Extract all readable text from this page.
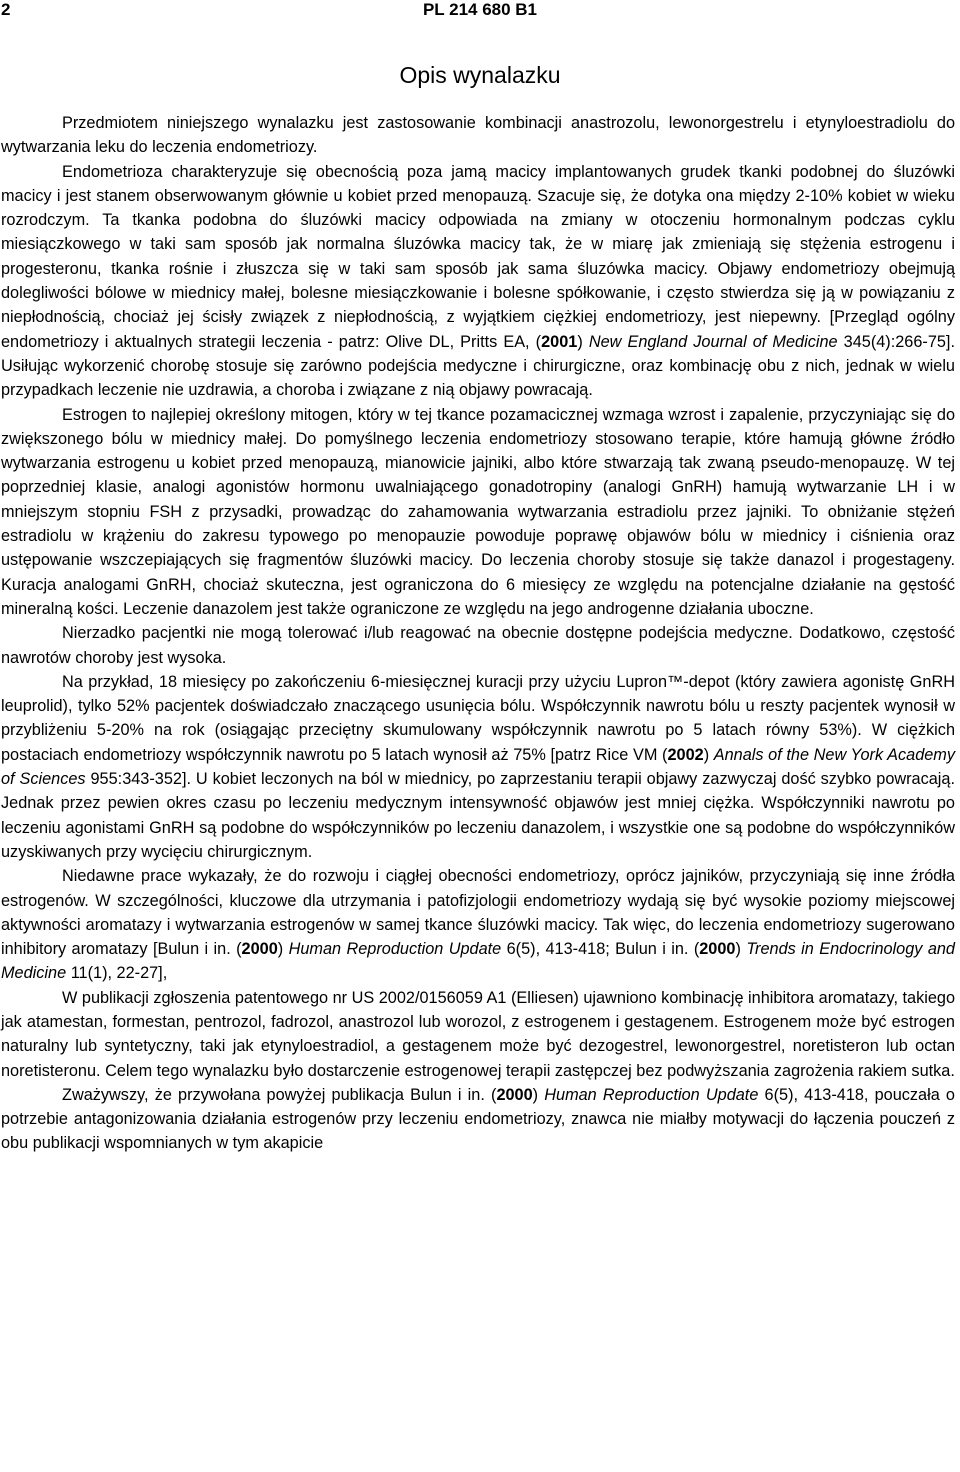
2	PL 214 680 B1
Opis wynalazku

Przedmiotem niniejszego wynalazku jest zastosowanie kombinacji anastrozolu, lewonorgestrelu i etynyloestradiolu do wytwarzania leku do leczenia endometriozy.

Endometrioza charakteryzuje się obecnością poza jamą macicy implantowanych grudek tkanki podobnej do śluzówki macicy i jest stanem obserwowanym głównie u kobiet przed menopauzą. Szacuje się, że dotyka ona między 2-10% kobiet w wieku rozrodczym. Ta tkanka podobna do śluzówki macicy odpowiada na zmiany w otoczeniu hormonalnym podczas cyklu miesiączkowego w taki sam sposób jak normalna śluzówka macicy tak, że w miarę jak zmieniają się stężenia estrogenu i progesteronu, tkanka rośnie i złuszcza się w taki sam sposób jak sama śluzówka macicy. Objawy endometriozy obejmują dolegliwości bólowe w miednicy małej, bolesne miesiączkowanie i bolesne spółkowanie, i często stwierdza się ją w powiązaniu z niepłodnością, chociaż jej ścisły związek z niepłodnością, z wyjątkiem ciężkiej endometriozy, jest niepewny. [Przegląd ogólny endometriozy i aktualnych strategii leczenia - patrz: Olive DL, Pritts EA, (2001) New England Journal of Medicine 345(4):266-75]. Usiłując wykorzenić chorobę stosuje się zarówno podejścia medyczne i chirurgiczne, oraz kombinację obu z nich, jednak w wielu przypadkach leczenie nie uzdrawia, a choroba i związane z nią objawy powracają.

Estrogen to najlepiej określony mitogen, który w tej tkance pozamacicznej wzmaga wzrost i zapalenie, przyczyniając się do zwiększonego bólu w miednicy małej. Do pomyślnego leczenia endometriozy stosowano terapie, które hamują główne źródło wytwarzania estrogenu u kobiet przed menopauzą, mianowicie jajniki, albo które stwarzają tak zwaną pseudo-menopauzę. W tej poprzedniej klasie, analogi agonistów hormonu uwalniającego gonadotropiny (analogi GnRH) hamują wytwarzanie LH i w mniejszym stopniu FSH z przysadki, prowadząc do zahamowania wytwarzania estradiolu przez jajniki. To obniżanie stężeń estradiolu w krążeniu do zakresu typowego po menopauzie powoduje poprawę objawów bólu w miednicy i ciśnienia oraz ustępowanie wszczepiających się fragmentów śluzówki macicy. Do leczenia choroby stosuje się także danazol i progestageny. Kuracja analogami GnRH, chociaż skuteczna, jest ograniczona do 6 miesięcy ze względu na potencjalne działanie na gęstość mineralną kości. Leczenie danazolem jest także ograniczone ze względu na jego androgenne działania uboczne.

Nierzadko pacjentki nie mogą tolerować i/lub reagować na obecnie dostępne podejścia medyczne. Dodatkowo, częstość nawrotów choroby jest wysoka.

Na przykład, 18 miesięcy po zakończeniu 6-miesięcznej kuracji przy użyciu Lupron™-depot (który zawiera agonistę GnRH leuprolid), tylko 52% pacjentek doświadczało znaczącego usunięcia bólu. Współczynnik nawrotu bólu u reszty pacjentek wynosił w przybliżeniu 5-20% na rok (osiągając przeciętny skumulowany współczynnik nawrotu po 5 latach równy 53%). W ciężkich postaciach endometriozy współczynnik nawrotu po 5 latach wynosił aż 75% [patrz Rice VM (2002) Annals of the New York Academy of Sciences 955:343-352]. U kobiet leczonych na ból w miednicy, po zaprzestaniu terapii objawy zazwyczaj dość szybko powracają. Jednak przez pewien okres czasu po leczeniu medycznym intensywność objawów jest mniej ciężka. Współczynniki nawrotu po leczeniu agonistami GnRH są podobne do współczynników po leczeniu danazolem, i wszystkie one są podobne do współczynników uzyskiwanych przy wycięciu chirurgicznym.

Niedawne prace wykazały, że do rozwoju i ciągłej obecności endometriozy, oprócz jajników, przyczyniają się inne źródła estrogenów. W szczególności, kluczowe dla utrzymania i patofizjologii endometriozy wydają się być wysokie poziomy miejscowej aktywności aromatazy i wytwarzania estrogenów w samej tkance śluzówki macicy. Tak więc, do leczenia endometriozy sugerowano inhibitory aromatazy [Bulun i in. (2000) Human Reproduction Update 6(5), 413-418; Bulun i in. (2000) Trends in Endocrinology and Medicine 11(1), 22-27],

W publikacji zgłoszenia patentowego nr US 2002/0156059 A1 (Elliesen) ujawniono kombinację inhibitora aromatazy, takiego jak atamestan, formestan, pentrozol, fadrozol, anastrozol lub worozol, z estrogenem i gestagenem. Estrogenem może być estrogen naturalny lub syntetyczny, taki jak etynyloestradiol, a gestagenem może być dezogestrel, lewonorgestrel, noretisteron lub octan noretisteronu. Celem tego wynalazku było dostarczenie estrogenowej terapii zastępczej bez podwyższania zagrożenia rakiem sutka.

Zważywszy, że przywołana powyżej publikacja Bulun i in. (2000) Human Reproduction Update 6(5), 413-418, pouczała o potrzebie antagonizowania działania estrogenów przy leczeniu endometriozy, znawca nie miałby motywacji do łączenia pouczeń z obu publikacji wspomnianych w tym akapicie
